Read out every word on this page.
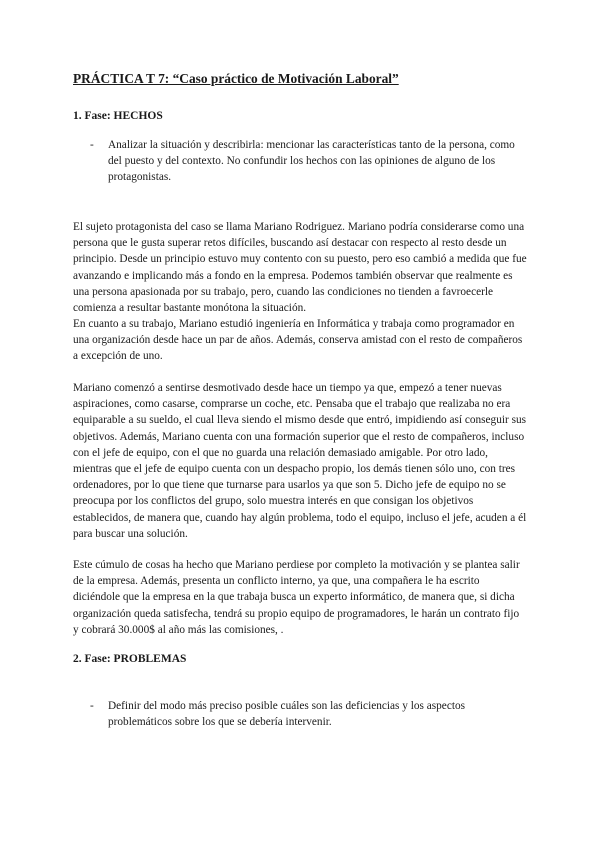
PRÁCTICA T 7: “Caso práctico de Motivación Laboral”
1. Fase: HECHOS
- Analizar la situación y describirla: mencionar las características tanto de la persona, como del puesto y del contexto. No confundir los hechos con las opiniones de alguno de los protagonistas.

El sujeto protagonista del caso se llama Mariano Rodriguez. Mariano podría considerarse como una persona que le gusta superar retos difíciles, buscando así destacar con respecto al resto desde un principio. Desde un principio estuvo muy contento con su puesto, pero eso cambió a medida que fue avanzando e implicando más a fondo en la empresa. Podemos también observar que realmente es una persona apasionada por su trabajo, pero, cuando las condiciones no tienden a favroecerle comienza a resultar bastante monótona la situación.

En cuanto a su trabajo, Mariano estudió ingeniería en Informática y trabaja como programador en una organización desde hace un par de años. Además, conserva amistad con el resto de compañeros a excepción de uno.

Mariano comenzó a sentirse desmotivado desde hace un tiempo ya que, empezó a tener nuevas aspiraciones, como casarse, comprarse un coche, etc. Pensaba que el trabajo que realizaba no era equiparable a su sueldo, el cual lleva siendo el mismo desde que entró, impidiendo así conseguir sus objetivos. Además, Mariano cuenta con una formación superior que el resto de compañeros, incluso con el jefe de equipo, con el que no guarda una relación demasiado amigable. Por otro lado, mientras que el jefe de equipo cuenta con un despacho propio, los demás tienen sólo uno, con tres ordenadores, por lo que tiene que turnarse para usarlos ya que son 5. Dicho jefe de equipo no se preocupa por los conflictos del grupo, solo muestra interés en que consigan los objetivos establecidos, de manera que, cuando hay algún problema, todo el equipo, incluso el jefe, acuden a él para buscar una solución.

Este cúmulo de cosas ha hecho que Mariano perdiese por completo la motivación y se plantea salir de la empresa. Además, presenta un conflicto interno, ya que, una compañera le ha escrito diciéndole que la empresa en la que trabaja busca un experto informático, de manera que, si dicha organización queda satisfecha, tendrá su propio equipo de programadores, le harán un contrato fijo y cobrará 30.000$ al año más las comisiones, .

2. Fase: PROBLEMAS
- Definir del modo más preciso posible cuáles son las deficiencias y los aspectos problemáticos sobre los que se debería intervenir.
